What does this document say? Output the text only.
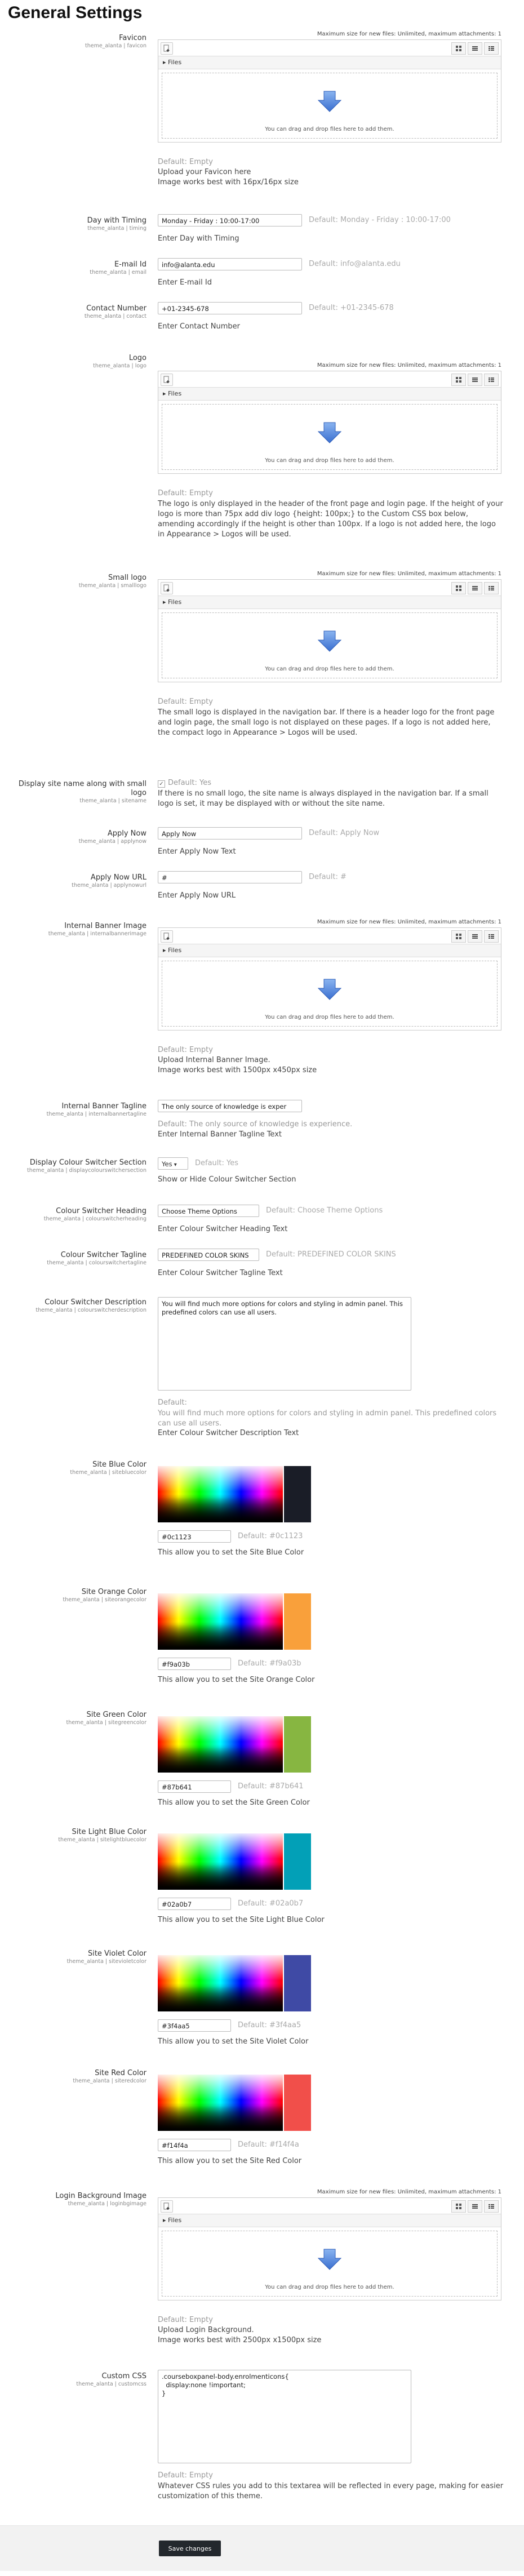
General Settings
Favicon
theme_alanta | favicon
Maximum size for new files: Unlimited, maximum attachments: 1
▸ Files
You can drag and drop files here to add them.
Default: Empty
Upload your Favicon here
Image works best with 16px/16px size
Day with Timing
theme_alanta | timing
Monday - Friday : 10:00-17:00	Default: Monday - Friday : 10:00-17:00
Enter Day with Timing
E-mail Id
theme_alanta | email
info@alanta.edu	Default: info@alanta.edu
Enter E-mail Id
Contact Number
theme_alanta | contact
+01-2345-678	Default: +01-2345-678
Enter Contact Number
Logo
theme_alanta | logo	Maximum size for new files: Unlimited, maximum attachments: 1
▸ Files
You can drag and drop files here to add them.
Default: Empty
The logo is only displayed in the header of the front page and login page. If the height of your logo is more than 75px add div logo {height: 100px;} to the Custom CSS box below, amending accordingly if the height is other than 100px. If a logo is not added here, the logo in Appearance > Logos will be used.
Small logo
theme_alanta | smalllogo
Maximum size for new files: Unlimited, maximum attachments: 1
▸ Files
You can drag and drop files here to add them.
Default: Empty
The small logo is displayed in the navigation bar. If there is a header logo for the front page and login page, the small logo is not displayed on these pages. If a logo is not added here, the compact logo in Appearance > Logos will be used.
Display site name along with small logo
theme_alanta | sitename
✓ Default: Yes
If there is no small logo, the site name is always displayed in the navigation bar. If a small logo is set, it may be displayed with or without the site name.
Apply Now
theme_alanta | applynow
Apply Now	Default: Apply Now
Enter Apply Now Text
Apply Now URL
theme_alanta | applynowurl
#	Default: #
Enter Apply Now URL
Internal Banner Image
theme_alanta | internalbannerimage
Maximum size for new files: Unlimited, maximum attachments: 1
▸ Files
You can drag and drop files here to add them.
Default: Empty
Upload Internal Banner Image.
Image works best with 1500px x450px size
Internal Banner Tagline
theme_alanta | internalbannertagline
The only source of knowledge is exper
Default: The only source of knowledge is experience.
Enter Internal Banner Tagline Text
Display Colour Switcher Section
theme_alanta | displaycolourswitchersection
Yes ▾	Default: Yes
Show or Hide Colour Switcher Section
Colour Switcher Heading
theme_alanta | colourswitcherheading
Choose Theme Options	Default: Choose Theme Options
Enter Colour Switcher Heading Text
Colour Switcher Tagline
theme_alanta | colourswitchertagline
PREDEFINED COLOR SKINS	Default: PREDEFINED COLOR SKINS
Enter Colour Switcher Tagline Text
Colour Switcher Description
theme_alanta | colourswitcherdescription
You will find much more options for colors and styling in admin panel. This predefined colors can use all users.
Default:
You will find much more options for colors and styling in admin panel. This predefined colors can use all users.
Enter Colour Switcher Description Text
Site Blue Color
theme_alanta | sitebluecolor
#0c1123	Default: #0c1123
This allow you to set the Site Blue Color
Site Orange Color
theme_alanta | siteorangecolor
#f9a03b	Default: #f9a03b
This allow you to set the Site Orange Color
Site Green Color
theme_alanta | sitegreencolor
#87b641	Default: #87b641
This allow you to set the Site Green Color
Site Light Blue Color
theme_alanta | sitelightbluecolor
#02a0b7	Default: #02a0b7
This allow you to set the Site Light Blue Color
Site Violet Color
theme_alanta | sitevioletcolor
#3f4aa5	Default: #3f4aa5
This allow you to set the Site Violet Color
Site Red Color
theme_alanta | siteredcolor
#f14f4a	Default: #f14f4a
This allow you to set the Site Red Color
Login Background Image
theme_alanta | loginbgimage
Maximum size for new files: Unlimited, maximum attachments: 1
▸ Files
You can drag and drop files here to add them.
Default: Empty
Upload Login Background.
Image works best with 2500px x1500px size
Custom CSS
theme_alanta | customcss
.courseboxpanel-body.enrolmenticons{
display:none !important;
}
Default: Empty
Whatever CSS rules you add to this textarea will be reflected in every page, making for easier customization of this theme.
Save changes
